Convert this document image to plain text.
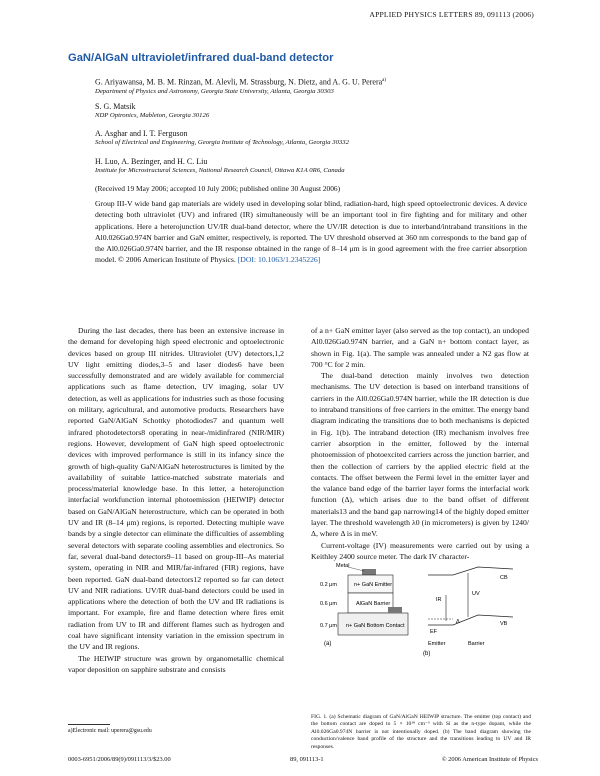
APPLIED PHYSICS LETTERS 89, 091113 (2006)
GaN/AlGaN ultraviolet/infrared dual-band detector
G. Ariyawansa, M. B. M. Rinzan, M. Alevli, M. Strassburg, N. Dietz, and A. G. U. Perera$^{a)}$
Department of Physics and Astronomy, Georgia State University, Atlanta, Georgia 30303
S. G. Matsik
NDP Optronics, Mableton, Georgia 30126
A. Asghar and I. T. Ferguson
School of Electrical and Engineering, Georgia Institute of Technology, Atlanta, Georgia 30332
H. Luo, A. Bezinger, and H. C. Liu
Institute for Microstructural Sciences, National Research Council, Ottawa K1A 0R6, Canada
(Received 19 May 2006; accepted 10 July 2006; published online 30 August 2006)
Group III-V wide band gap materials are widely used in developing solar blind, radiation-hard, high speed optoelectronic devices. A device detecting both ultraviolet (UV) and infrared (IR) simultaneously will be an important tool in fire fighting and for military and other applications. Here a heterojunction UV/IR dual-band detector, where the UV/IR detection is due to interband/intraband transitions in the Al0.026Ga0.974N barrier and GaN emitter, respectively, is reported. The UV threshold observed at 360 nm corresponds to the band gap of the Al0.026Ga0.974N barrier, and the IR response obtained in the range of 8–14 μm is in good agreement with the free carrier absorption model. © 2006 American Institute of Physics. [DOI: 10.1063/1.2345226]

During the last decades, there has been an extensive increase in the demand for developing high speed electronic and optoelectronic devices based on group III nitrides. Ultraviolet (UV) detectors,1,2 UV light emitting diodes,3–5 and laser diodes6 have been successfully demonstrated and are widely available for commercial applications such as flame detection, UV imaging, solar UV detection, as well as applications for industries such as those focusing on military, agricultural, and automotive products. Researchers have reported GaN/AlGaN Schottky photodiodes7 and quantum well infrared photodetectors8 operating in near-/midinfrared (NIR/MIR) regions. However, development of GaN high speed optoelectronic devices with improved performance is still in its infancy since the growth of high-quality GaN/AlGaN heterostructures is limited by the availability of suitable lattice-matched substrate materials and process/material knowledge base. In this letter, a heterojunction interfacial workfunction internal photoemission (HEIWIP) detector based on GaN/AlGaN heterostructure, which can be operated in both UV and IR (8–14 μm) regions, is reported. Detecting multiple wave bands by a single detector can eliminate the difficulties of assembling several detectors with separate cooling assemblies and electronics. So far, several dual-band detectors9–11 based on group-III–As material system, operating in NIR and MIR/far-infrared (FIR) regions, have been reported. GaN dual-band detectors12 reported so far can detect UV and NIR radiations. UV/IR dual-band detectors could be used in applications where the detection of both the UV and IR radiations is important. For example, fire and flame detection where fires emit radiation from UV to IR and different flames such as hydrogen and coal have significant intensity variation in the emission spectrum in the UV and IR regions.

The HEIWIP structure was grown by organometallic chemical vapor deposition on sapphire substrate and consists

of a n+ GaN emitter layer (also served as the top contact), an undoped Al0.026Ga0.974N barrier, and a GaN n+ bottom contact layer, as shown in Fig. 1(a). The sample was annealed under a N2 gas flow at 700 °C for 2 min.

The dual-band detection mainly involves two detection mechanisms. The UV detection is based on interband transitions of carriers in the Al0.026Ga0.974N barrier, while the IR detection is due to intraband transitions of free carriers in the emitter. The energy band diagram indicating the transitions due to both mechanisms is depicted in Fig. 1(b). The intraband detection (IR) mechanism involves free carrier absorption in the emitter, followed by the internal photoemission of photoexcited carriers across the junction barrier, and then the collection of carriers by the applied electric field at the contacts. The offset between the Fermi level in the emitter layer and the valance band edge of the barrier layer forms the interfacial work function (Δ), which arises due to the band offset of different materials13 and the band gap narrowing14 of the highly doped emitter layer. The threshold wavelength λ0 (in micrometers) is given by 1240/Δ, where Δ is in meV.

Current-voltage (IV) measurements were carried out by using a Keithley 2400 source meter. The dark IV character-

Metal
0.2 μm	n+ GaN Emitter
0.6 μm	AlGaN Barrier
0.7 μm n+ GaN Bottom Contact
(a)
IR
UV
EF
Δ	VB
CB
Emitter	Barrier
(b)
FIG. 1. (a) Schematic diagram of GaN/AlGaN HEIWIP structure. The emitter (top contact) and the bottom contact are doped to 5 × 10¹⁸ cm⁻³ with Si as the n-type dopant, while the Al0.026Ga0.974N barrier is not intentionally doped. (b) The band diagram showing the conduction/valence band profile of the structure and the transitions leading to UV and IR responses.
a)Electronic mail: uperera@gsu.edu
0003-6951/2006/89(9)/091113/3/$23.00	89, 091113-1	© 2006 American Institute of Physics
